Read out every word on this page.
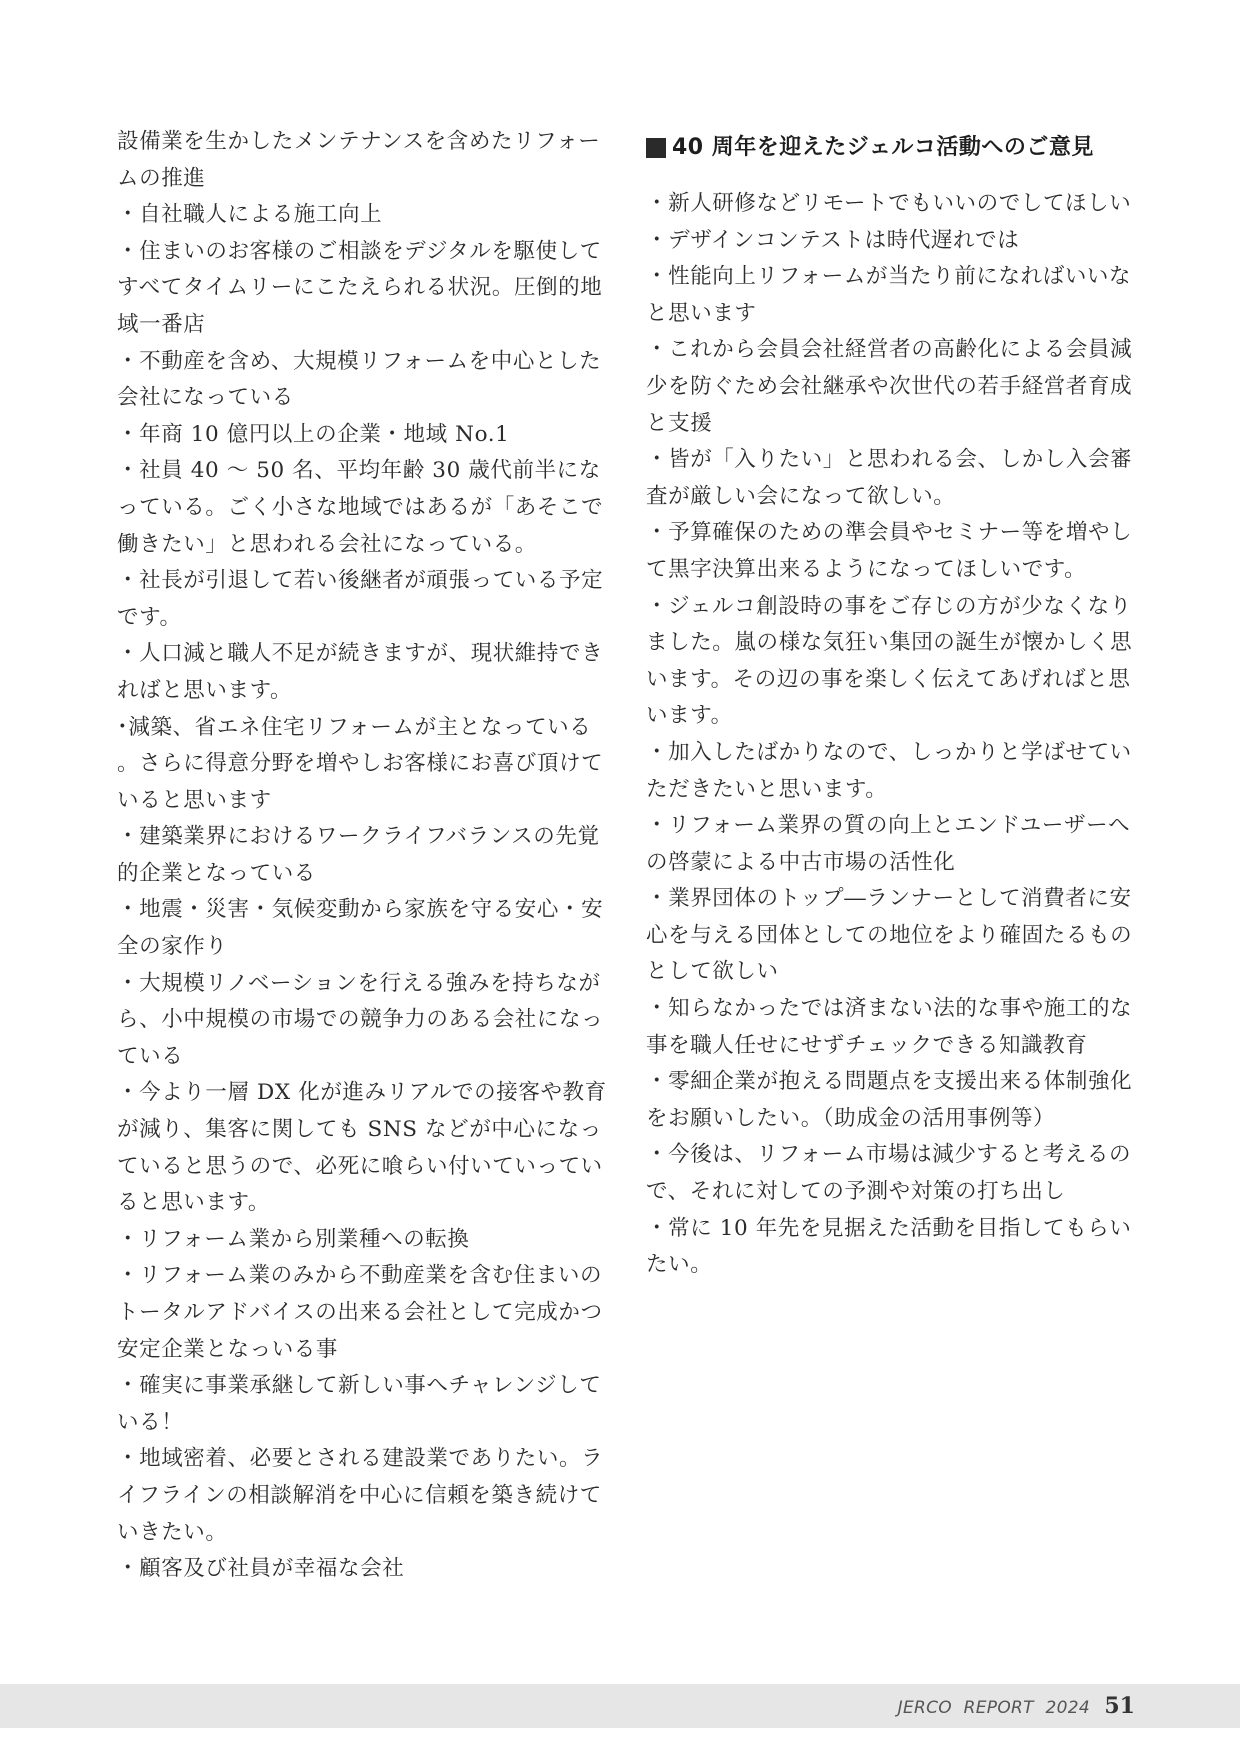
設備業を生かしたメンテナンスを含めたリフォームの推進

・自社職人による施工向上

・住まいのお客様のご相談をデジタルを駆使してすべてタイムリーにこたえられる状況。圧倒的地域一番店

・不動産を含め、大規模リフォームを中心とした会社になっている

・年商 10 億円以上の企業・地域 No.1

・社員 40 〜 50 名、平均年齢 30 歳代前半になっている。ごく小さな地域ではあるが「あそこで働きたい」と思われる会社になっている。

・社長が引退して若い後継者が頑張っている予定です。

・人口減と職人不足が続きますが、現状維持できればと思います。

･減築、省エネ住宅リフォームが主となっている。さらに得意分野を増やしお客様にお喜び頂けていると思います

・建築業界におけるワークライフバランスの先覚的企業となっている

・地震・災害・気候変動から家族を守る安心・安全の家作り

・大規模リノベーションを行える強みを持ちながら、小中規模の市場での競争力のある会社になっている

・今より一層 DX 化が進みリアルでの接客や教育が減り、集客に関しても SNS などが中心になっていると思うので、必死に喰らい付いていっていると思います。

・リフォーム業から別業種への転換

・リフォーム業のみから不動産業を含む住まいのトータルアドバイスの出来る会社として完成かつ安定企業となっいる事

・確実に事業承継して新しい事へチャレンジしている！

・地域密着、必要とされる建設業でありたい。ライフラインの相談解消を中心に信頼を築き続けていきたい。

・顧客及び社員が幸福な会社

40 周年を迎えたジェルコ活動へのご意見

・新人研修などリモートでもいいのでしてほしい

・デザインコンテストは時代遅れでは

・性能向上リフォームが当たり前になればいいなと思います

・これから会員会社経営者の高齢化による会員減少を防ぐため会社継承や次世代の若手経営者育成と支援

・皆が「入りたい」と思われる会、しかし入会審査が厳しい会になって欲しい。

・予算確保のための準会員やセミナー等を増やして黒字決算出来るようになってほしいです。

・ジェルコ創設時の事をご存じの方が少なくなりました。嵐の様な気狂い集団の誕生が懐かしく思います。その辺の事を楽しく伝えてあげればと思います。

・加入したばかりなので、しっかりと学ばせていただきたいと思います。

・リフォーム業界の質の向上とエンドユーザーへの啓蒙による中古市場の活性化

・業界団体のトップ―ランナーとして消費者に安心を与える団体としての地位をより確固たるものとして欲しい

・知らなかったでは済まない法的な事や施工的な事を職人任せにせずチェックできる知識教育

・零細企業が抱える問題点を支援出来る体制強化をお願いしたい。（助成金の活用事例等）

・今後は、リフォーム市場は減少すると考えるので、それに対しての予測や対策の打ち出し

・常に 10 年先を見据えた活動を目指してもらいたい。

JERCO REPORT 2024 51
